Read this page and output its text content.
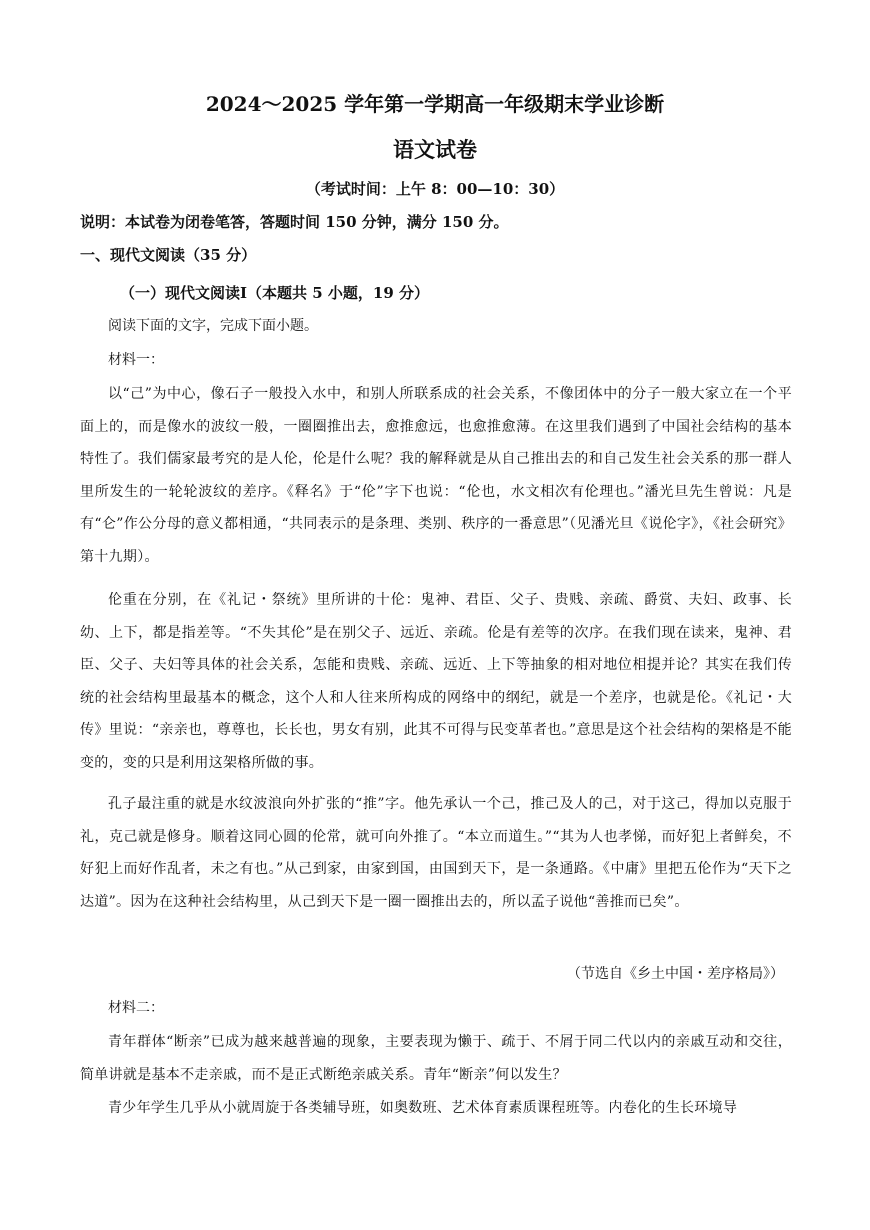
2024～2025 学年第一学期高一年级期末学业诊断
语文试卷
（考试时间：上午 8：00—10：30）
说明：本试卷为闭卷笔答，答题时间 150 分钟，满分 150 分。
一、现代文阅读（35 分）
（一）现代文阅读Ⅰ（本题共 5 小题，19 分）
阅读下面的文字，完成下面小题。
材料一：

以“己”为中心，像石子一般投入水中，和别人所联系成的社会关系，不像团体中的分子一般大家立在一个平面上的，而是像水的波纹一般，一圈圈推出去，愈推愈远，也愈推愈薄。在这里我们遇到了中国社会结构的基本特性了。我们儒家最考究的是人伦，伦是什么呢？我的解释就是从自己推出去的和自己发生社会关系的那一群人里所发生的一轮轮波纹的差序。《释名》于“伦”字下也说：“伦也，水文相次有伦理也。”潘光旦先生曾说：凡是有“仑”作公分母的意义都相通，“共同表示的是条理、类别、秩序的一番意思”（见潘光旦《说伦字》，《社会研究》第十九期）。

伦重在分别，在《礼记・祭统》里所讲的十伦：鬼神、君臣、父子、贵贱、亲疏、爵赏、夫妇、政事、长幼、上下，都是指差等。“不失其伦”是在别父子、远近、亲疏。伦是有差等的次序。在我们现在读来，鬼神、君臣、父子、夫妇等具体的社会关系，怎能和贵贱、亲疏、远近、上下等抽象的相对地位相提并论？其实在我们传统的社会结构里最基本的概念，这个人和人往来所构成的网络中的纲纪，就是一个差序，也就是伦。《礼记・大传》里说：“亲亲也，尊尊也，长长也，男女有别，此其不可得与民变革者也。”意思是这个社会结构的架格是不能变的，变的只是利用这架格所做的事。

孔子最注重的就是水纹波浪向外扩张的“推”字。他先承认一个己，推己及人的己，对于这己，得加以克服于礼，克己就是修身。顺着这同心圆的伦常，就可向外推了。“本立而道生。”“其为人也孝悌，而好犯上者鲜矣，不好犯上而好作乱者，未之有也。”从己到家，由家到国，由国到天下，是一条通路。《中庸》里把五伦作为“天下之达道”。因为在这种社会结构里，从己到天下是一圈一圈推出去的，所以孟子说他“善推而已矣”。

（节选自《乡土中国・差序格局》）
材料二：

青年群体“断亲”已成为越来越普遍的现象，主要表现为懒于、疏于、不屑于同二代以内的亲戚互动和交往，简单讲就是基本不走亲戚，而不是正式断绝亲戚关系。青年“断亲”何以发生？

青少年学生几乎从小就周旋于各类辅导班，如奥数班、艺术体育素质课程班等。内卷化的生长环境导
